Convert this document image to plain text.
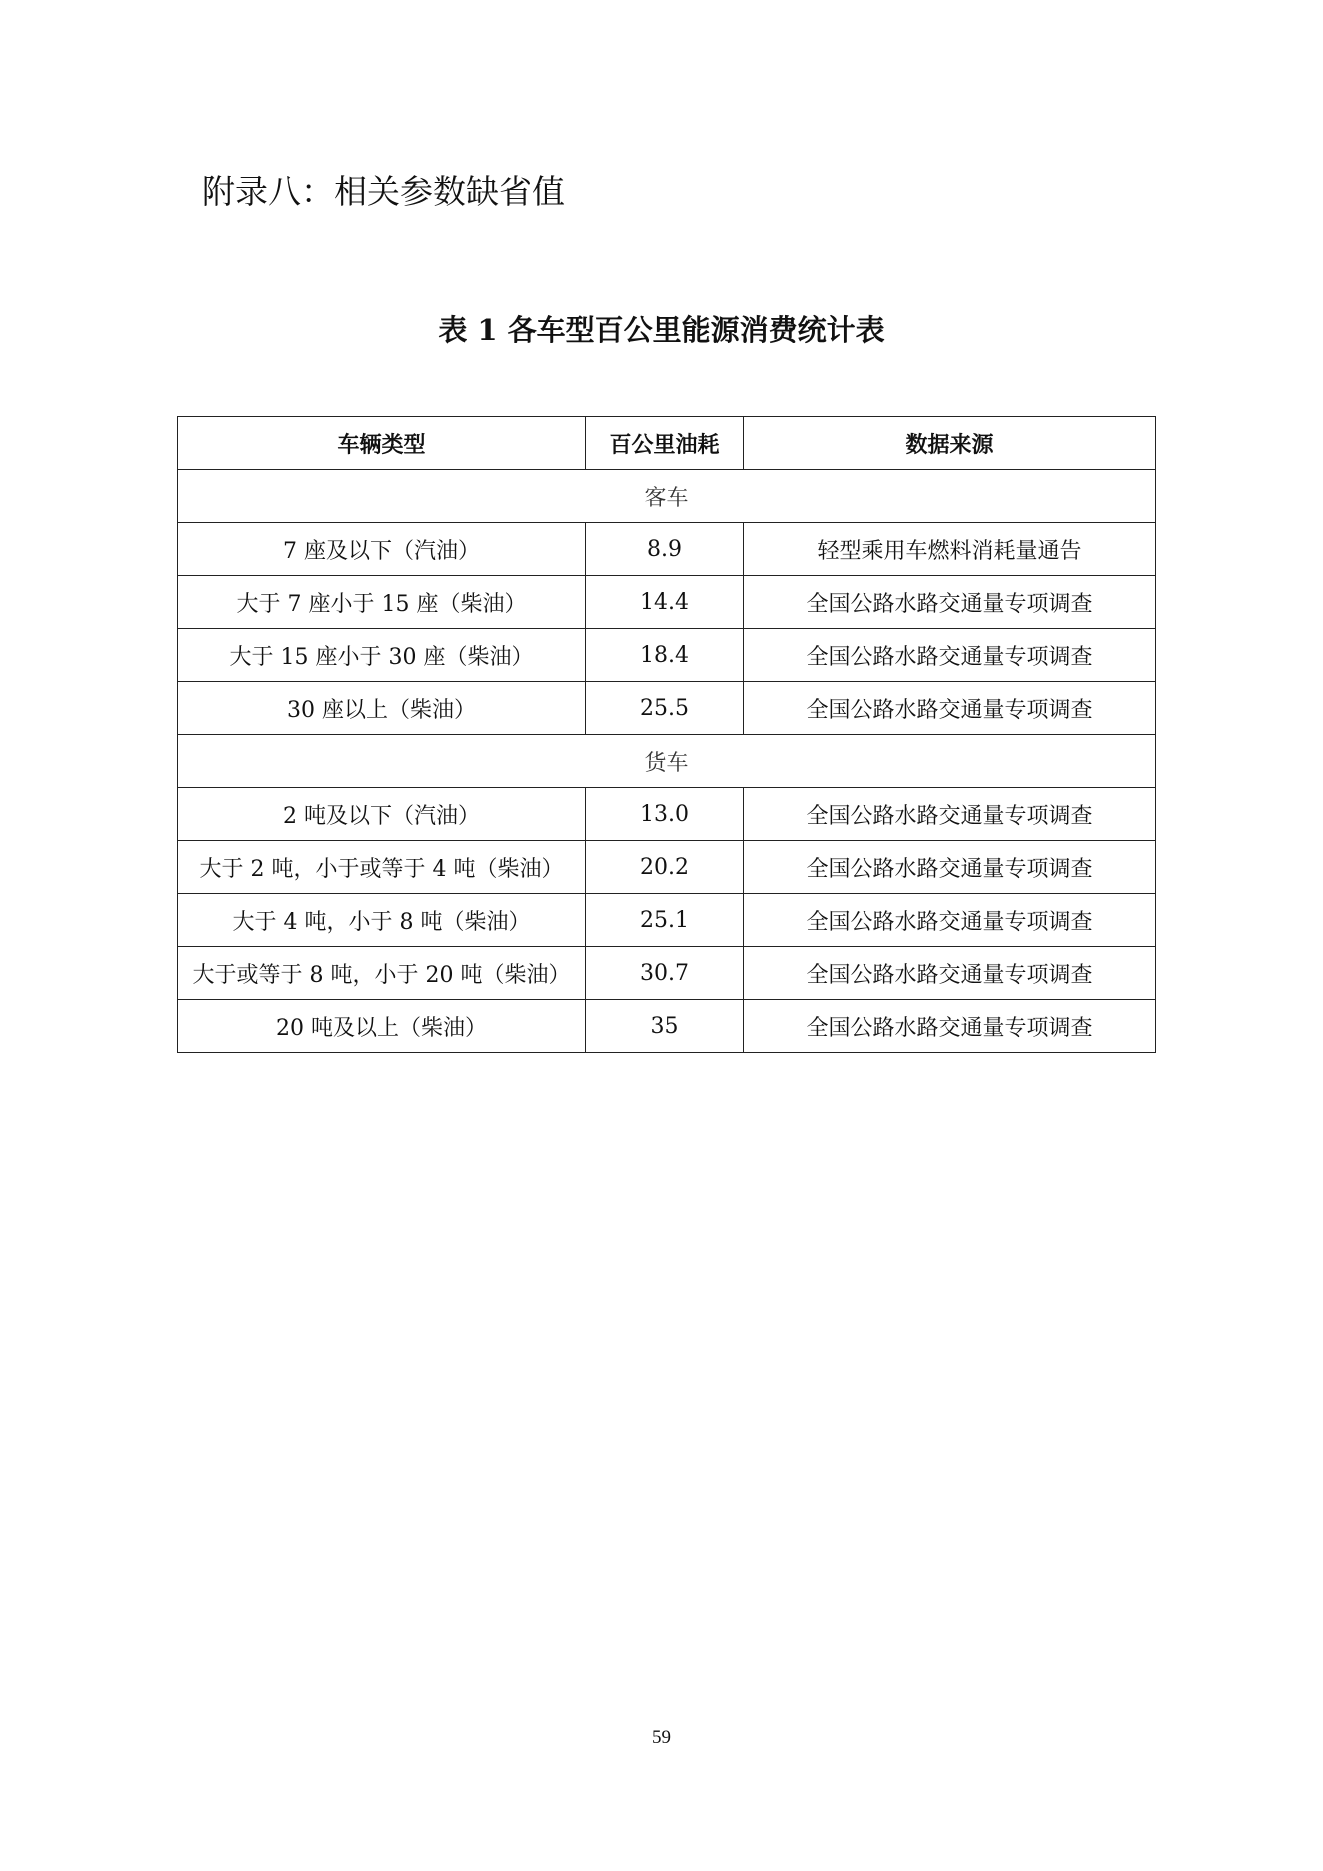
附录八：相关参数缺省值
表 1 各车型百公里能源消费统计表
车辆类型	百公里油耗	数据来源
客车		
7 座及以下（汽油）	8.9	轻型乘用车燃料消耗量通告
大于 7 座小于 15 座（柴油）	14.4	全国公路水路交通量专项调查
大于 15 座小于 30 座（柴油）	18.4	全国公路水路交通量专项调查
30 座以上（柴油）	25.5	全国公路水路交通量专项调查
货车		
2 吨及以下（汽油）	13.0	全国公路水路交通量专项调查
大于 2 吨，小于或等于 4 吨（柴油）	20.2	全国公路水路交通量专项调查
大于 4 吨，小于 8 吨（柴油）	25.1	全国公路水路交通量专项调查
大于或等于 8 吨，小于 20 吨（柴油）	30.7	全国公路水路交通量专项调查
20 吨及以上（柴油）	35	全国公路水路交通量专项调查
59
